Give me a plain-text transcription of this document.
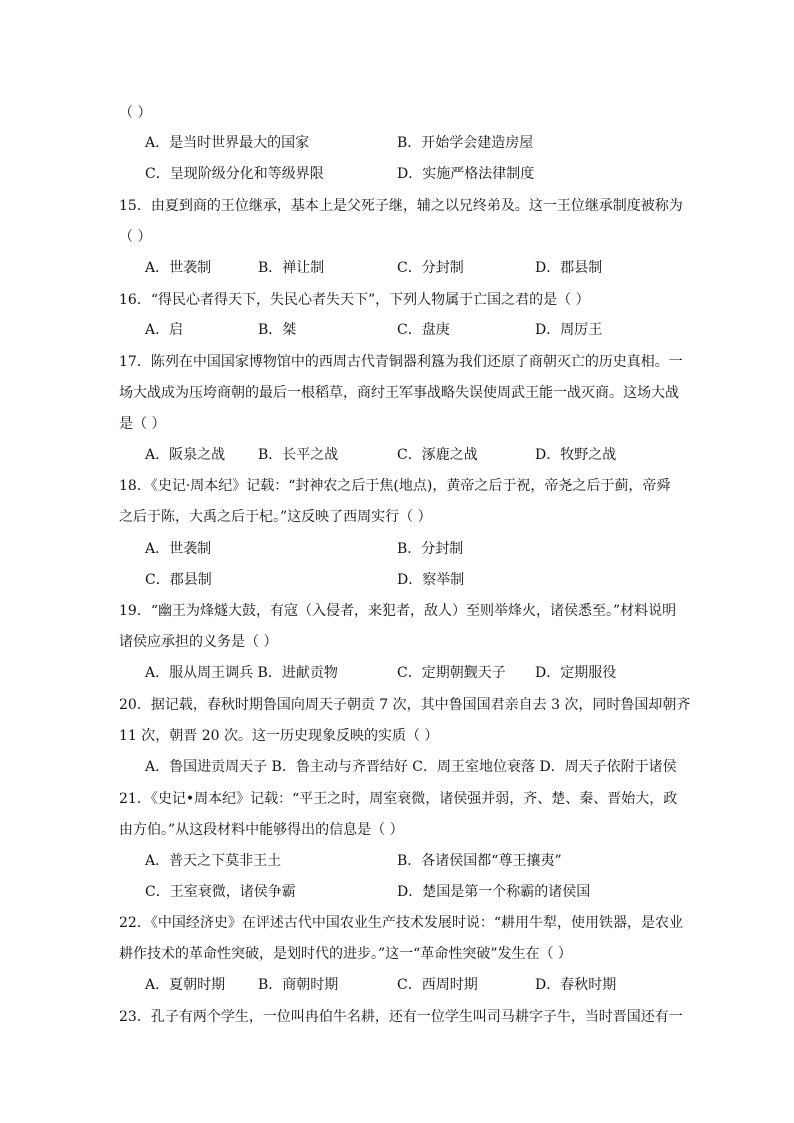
（ ）
A．是当时世界最大的国家	B．开始学会建造房屋
C．呈现阶级分化和等级界限	D．实施严格法律制度
15．由夏到商的王位继承，基本上是父死子继，辅之以兄终弟及。这一王位继承制度被称为
（ ）
A．世袭制	B．禅让制	C．分封制	D．郡县制
16．“得民心者得天下，失民心者失天下”，下列人物属于亡国之君的是（ ）
A．启	B．桀	C．盘庚	D．周厉王
17．陈列在中国国家博物馆中的西周古代青铜器利簋为我们还原了商朝灭亡的历史真相。一
场大战成为压垮商朝的最后一根稻草，商纣王军事战略失误使周武王能一战灭商。这场大战
是（ ）
A．阪泉之战 B．长平之战	C．涿鹿之战	D．牧野之战
18．《史记·周本纪》记载：“封神农之后于焦(地点)，黄帝之后于祝，帝尧之后于蓟，帝舜
之后于陈，大禹之后于杞。”这反映了西周实行（ ）
A．世袭制	B．分封制
C．郡县制	D．察举制
19．“幽王为烽燧大鼓，有寇（入侵者，来犯者，敌人）至则举烽火，诸侯悉至。”材料说明
诸侯应承担的义务是（ ）
A．服从周王调兵 B．进献贡物	C．定期朝觐天子 D．定期服役
20．据记载，春秋时期鲁国向周天子朝贡 7 次，其中鲁国国君亲自去 3 次，同时鲁国却朝齐
11 次，朝晋 20 次。这一历史现象反映的实质（ ）
A．鲁国进贡周天子 B．鲁主动与齐晋结好 C．周王室地位衰落 D．周天子依附于诸侯
21．《史记•周本纪》记载：“平王之时，周室衰微，诸侯强并弱，齐、楚、秦、晋始大，政
由方伯。”从这段材料中能够得出的信息是（ ）
A．普天之下莫非王土	B．各诸侯国都“尊王攘夷”
C．王室衰微，诸侯争霸	D．楚国是第一个称霸的诸侯国
22．《中国经济史》在评述古代中国农业生产技术发展时说：“耕用牛犁，使用铁器，是农业
耕作技术的革命性突破，是划时代的进步。”这一“革命性突破”发生在（ ）
A．夏朝时期 B．商朝时期	C．西周时期	D．春秋时期
23．孔子有两个学生，一位叫冉伯牛名耕，还有一位学生叫司马耕字子牛，当时晋国还有一
